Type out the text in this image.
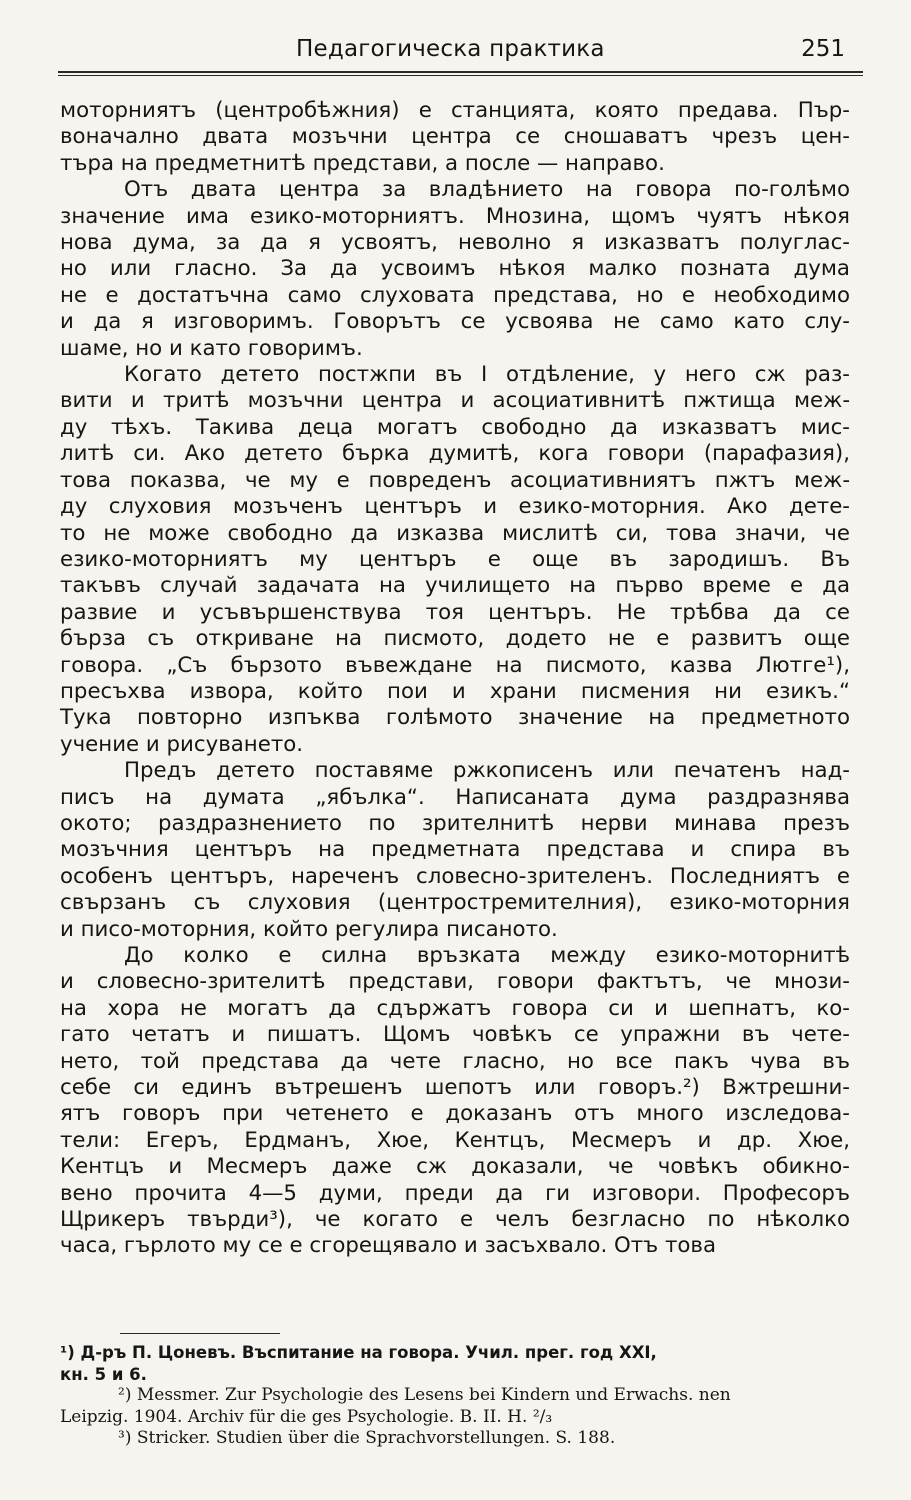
Педагогическа практика	251
моторниятъ (центробѣжния) е станцията, която предава. Пър-
воначално двата мозъчни центра се сношаватъ чрезъ цен-
търа на предметнитѣ представи, а после — направо.
Отъ двата центра за владѣнието на говора по-голѣмо
значение има езико-моторниятъ. Мнозина, щомъ чуятъ нѣкоя
нова дума, за да я усвоятъ, неволно я изказватъ полуглас-
но или гласно. За да усвоимъ нѣкоя малко позната дума
не е достатъчна само слуховата представа, но е необходимо
и да я изговоримъ. Говорътъ се усвоява не само като слу-
шаме, но и като говоримъ.
Когато детето постжпи въ I отдѣление, у него сж раз-
вити и тритѣ мозъчни центра и асоциативнитѣ пжтища меж-
ду тѣхъ. Такива деца могатъ свободно да изказватъ мис-
литѣ си. Ако детето бърка думитѣ, кога говори (парафазия),
това показва, че му е повреденъ асоциативниятъ пжтъ меж-
ду слуховия мозъченъ центъръ и езико-моторния. Ако дете-
то не може свободно да изказва мислитѣ си, това значи, че
езико-моторниятъ му центъръ е още въ зародишъ. Въ
такъвъ случай задачата на училището на първо време е да
развие и усъвършенствува тоя центъръ. Не трѣбва да се
бърза съ откриване на писмото, додето не е развитъ още
говора. „Съ бързото въвеждане на писмото, казва Лютге¹),
пресъхва извора, който пои и храни писмения ни езикъ.“
Тука повторно изпъква голѣмото значение на предметното
учение и рисуването.
Предъ детето поставяме ржкописенъ или печатенъ над-
писъ на думата „ябълка“. Написаната дума раздразнява
окото; раздразнението по зрителнитѣ нерви минава презъ
мозъчния центъръ на предметната представа и спира въ
особенъ центъръ, нареченъ словесно-зрителенъ. Последниятъ е
свързанъ съ слуховия (центростремителния), езико-моторния
и писо-моторния, който регулира писаното.
До колко е силна връзката между езико-моторнитѣ
и словесно-зрителитѣ представи, говори фактътъ, че мнози-
на хора не могатъ да сдържатъ говора си и шепнатъ, ко-
гато четатъ и пишатъ. Щомъ човѣкъ се упражни въ чете-
нето, той представа да чете гласно, но все пакъ чува въ
себе си единъ вътрешенъ шепотъ или говоръ.²) Вжтрешни-
ятъ говоръ при четенето е доказанъ отъ много изследова-
тели: Егеръ, Ердманъ, Хюе, Кентцъ, Месмеръ и др. Хюе,
Кентцъ и Месмеръ даже сж доказали, че човѣкъ обикно-
вено прочита 4—5 думи, преди да ги изговори. Професоръ
Щрикеръ твърди³), че когато е челъ безгласно по нѣколко
часа, гърлото му се е сгорещявало и засъхвало. Отъ това
¹) Д-ръ П. Цоневъ. Въспитание на говора. Учил. прег. год XXI,
кн. 5 и 6.
²) Messmer. Zur Psychologie des Lesens bei Kindern und Erwachs. nen
Leipzig. 1904. Archiv für die ges Psychologie. B. II. H. ²/₃
³) Stricker. Studien über die Sprachvorstellungen. S. 188.
